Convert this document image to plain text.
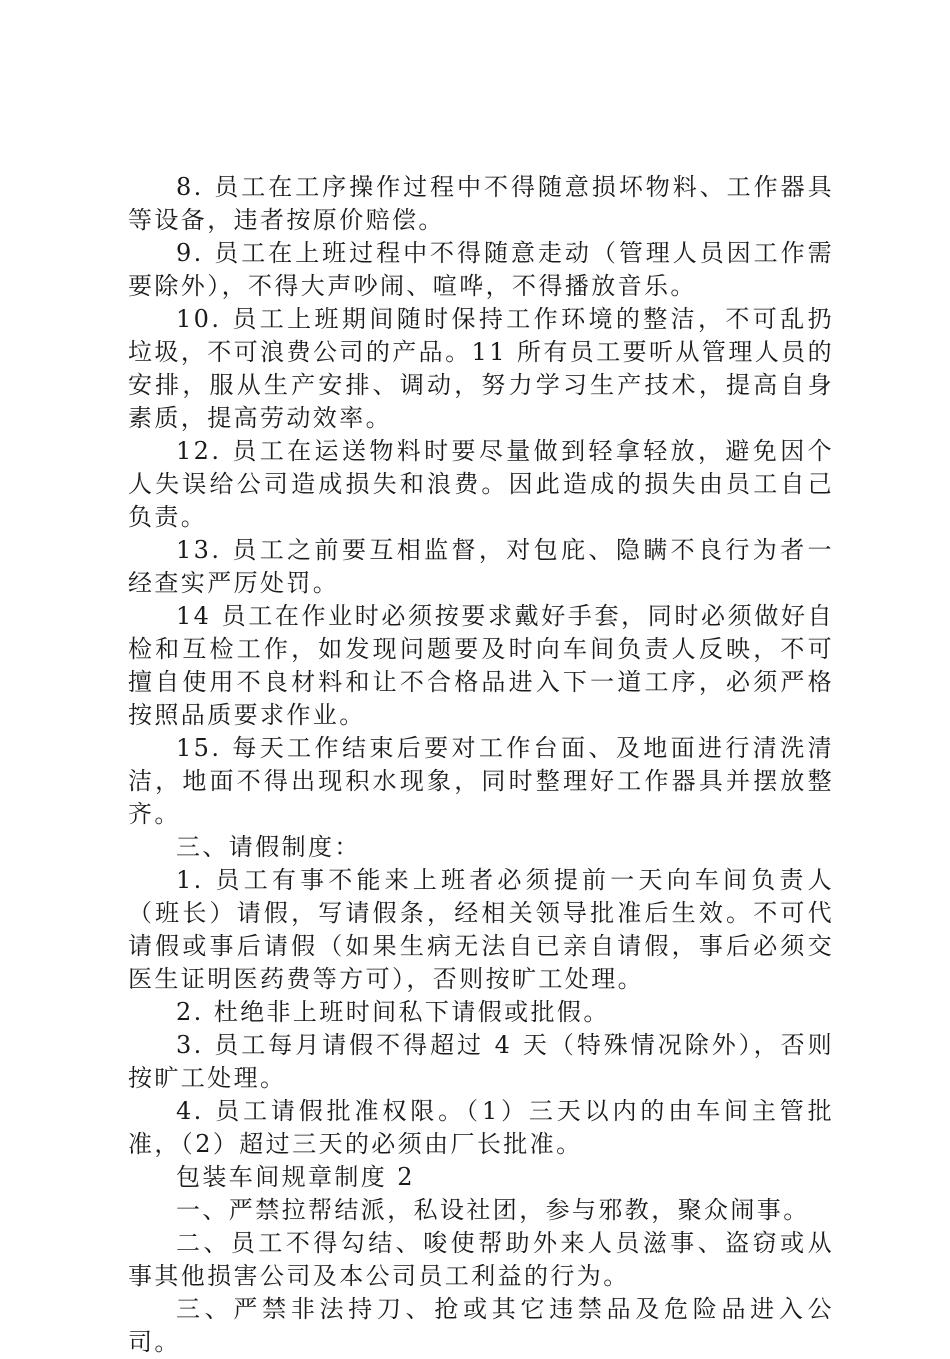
8. 员工在工序操作过程中不得随意损坏物料、工作器具等设备，违者按原价赔偿。

9. 员工在上班过程中不得随意走动（管理人员因工作需要除外），不得大声吵闹、喧哗，不得播放音乐。

10. 员工上班期间随时保持工作环境的整洁，不可乱扔垃圾，不可浪费公司的产品。11 所有员工要听从管理人员的安排，服从生产安排、调动，努力学习生产技术，提高自身素质，提高劳动效率。

12. 员工在运送物料时要尽量做到轻拿轻放，避免因个人失误给公司造成损失和浪费。因此造成的损失由员工自己负责。

13. 员工之前要互相监督，对包庇、隐瞒不良行为者一经查实严厉处罚。

14 员工在作业时必须按要求戴好手套，同时必须做好自检和互检工作，如发现问题要及时向车间负责人反映，不可擅自使用不良材料和让不合格品进入下一道工序，必须严格按照品质要求作业。

15. 每天工作结束后要对工作台面、及地面进行清洗清洁，地面不得出现积水现象，同时整理好工作器具并摆放整齐。

三、请假制度：

1. 员工有事不能来上班者必须提前一天向车间负责人（班长）请假，写请假条，经相关领导批准后生效。不可代请假或事后请假（如果生病无法自已亲自请假，事后必须交医生证明医药费等方可），否则按旷工处理。

2. 杜绝非上班时间私下请假或批假。

3. 员工每月请假不得超过 4 天（特殊情况除外），否则按旷工处理。

4. 员工请假批准权限。（1）三天以内的由车间主管批准，（2）超过三天的必须由厂长批准。

包装车间规章制度 2

一、严禁拉帮结派，私设社团，参与邪教，聚众闹事。

二、员工不得勾结、唆使帮助外来人员滋事、盗窃或从事其他损害公司及本公司员工利益的行为。

三、严禁非法持刀、抢或其它违禁品及危险品进入公司。
